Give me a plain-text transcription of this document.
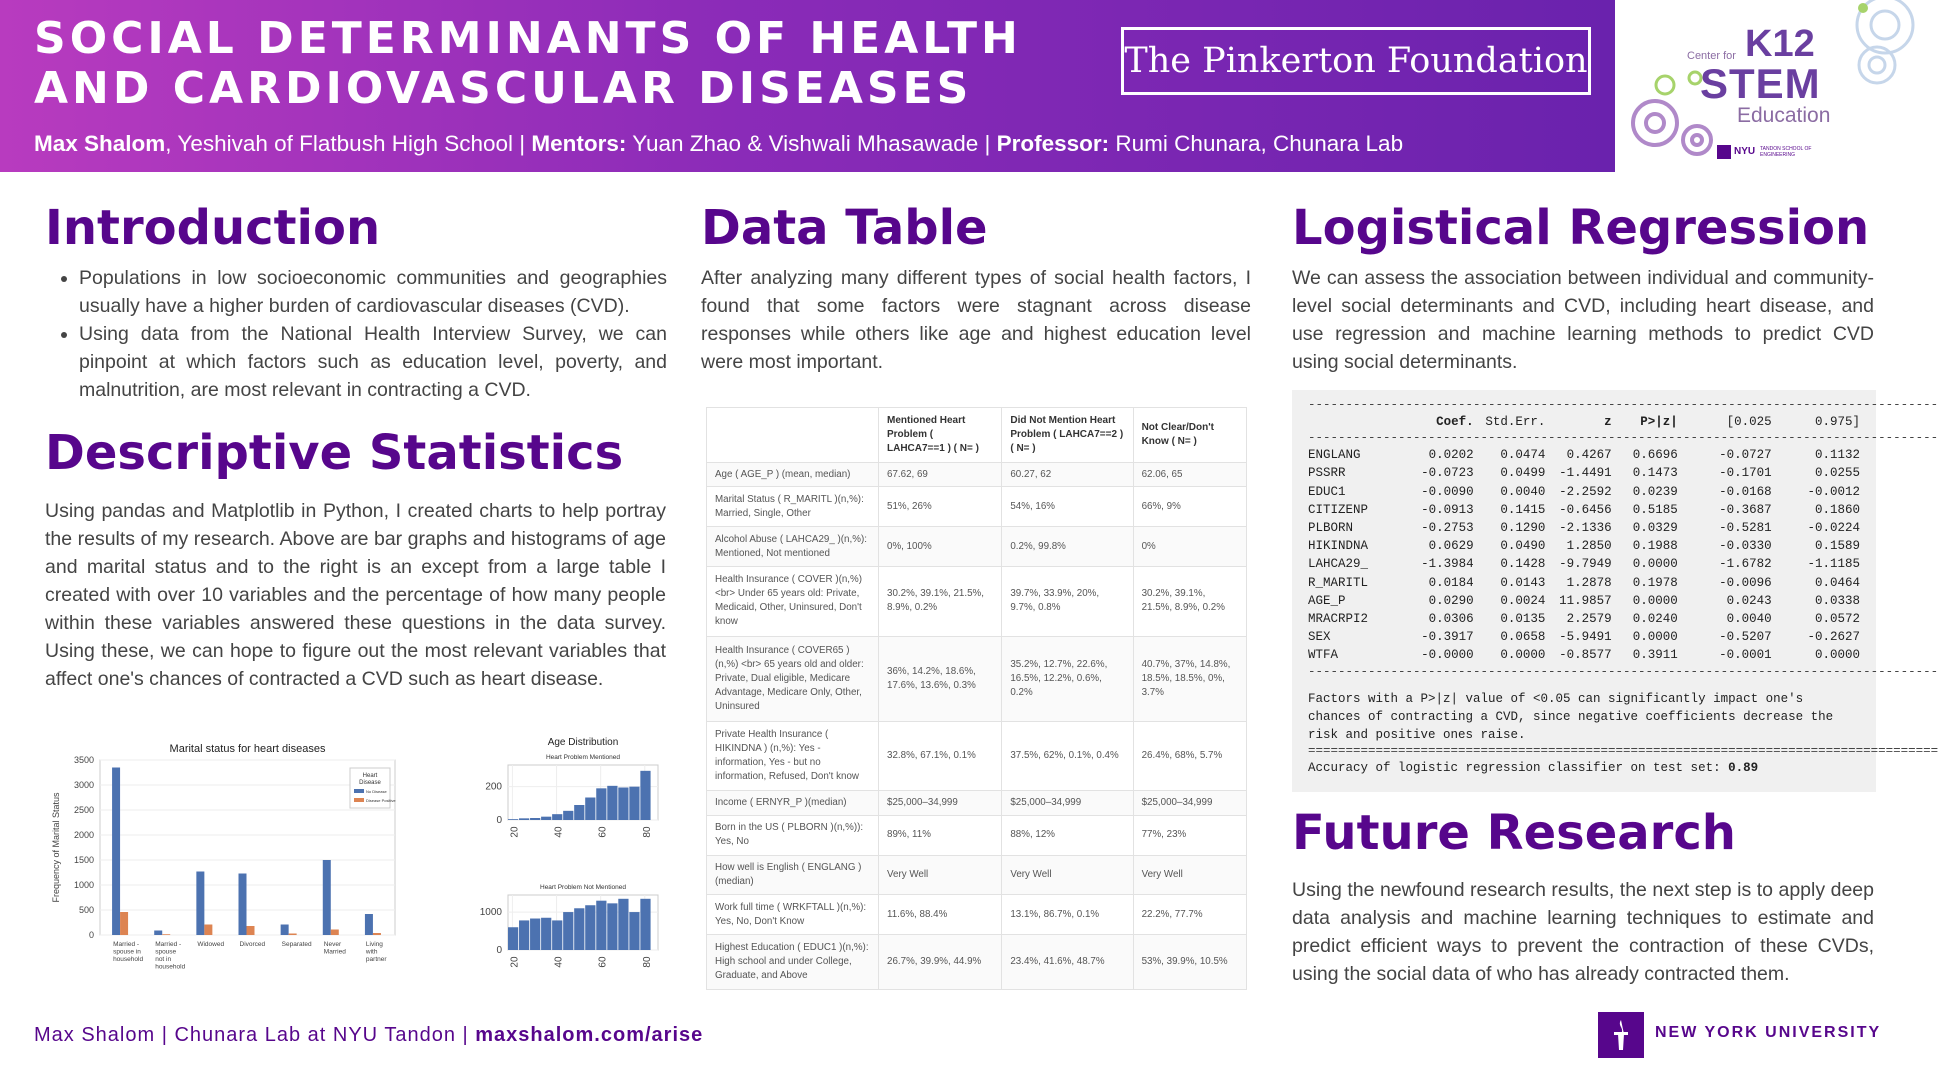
SOCIAL DETERMINANTS OF HEALTH AND CARDIOVASCULAR DISEASES
Max Shalom, Yeshivah of Flatbush High School | Mentors: Yuan Zhao & Vishwali Mhasawade | Professor: Rumi Chunara, Chunara Lab
The Pinkerton Foundation	Center for K12
STEM
Education
NYU TANDON SCHOOL OF ENGINEERING
Introduction
• Populations in low socioeconomic communities and geographies usually have a higher burden of cardiovascular diseases (CVD).
• Using data from the National Health Interview Survey, we can pinpoint at which factors such as education level, poverty, and malnutrition, are most relevant in contracting a CVD.
Descriptive Statistics
Using pandas and Matplotlib in Python, I created charts to help portray the results of my research. Above are bar graphs and histograms of age and marital status and to the right is an except from a large table I created with over 10 variables and the percentage of how many people within these variables answered these questions in the data survey. Using these, we can hope to figure out the most relevant variables that affect one's chances of contracted a CVD such as heart disease.
Marital status for heart diseases
0
500
1000
1500
2000
2500
3000
3500
Frequency of Marital Status
Married -spouse in household
Married -spouse not in household
Widowed Divorced	Separated Never Married
Living with partner
Heart
Disease
No Disease
Disease Positive
Age Distribution
Heart Problem Mentioned
0
200
20	40	60	80
Heart Problem Not Mentioned
0
1000
20	40	60	80
Data Table
After analyzing many different types of social health factors, I found that some factors were stagnant across disease responses while others like age and highest education level were most important.
	Mentioned Heart Problem ( LAHCA7==1 ) ( N= )	Did Not Mention Heart Problem ( LAHCA7==2 ) ( N= )	Not Clear/Don't Know ( N= )
Age ( AGE_P ) (mean, median)	67.62, 69	60.27, 62	62.06, 65
Marital Status ( R_MARITL )(n,%): Married, Single, Other	51%, 26%	54%, 16%	66%, 9%
Alcohol Abuse ( LAHCA29_ )(n,%): Mentioned, Not mentioned	0%, 100%	0.2%, 99.8%	0%
Health Insurance ( COVER )(n,%) <br> Under 65 years old: Private, Medicaid, Other, Uninsured, Don't know	30.2%, 39.1%, 21.5%, 8.9%, 0.2%	39.7%, 33.9%, 20%, 9.7%, 0.8%	30.2%, 39.1%, 21.5%, 8.9%, 0.2%
Health Insurance ( COVER65 )(n,%) <br> 65 years old and older: Private, Dual eligible, Medicare Advantage, Medicare Only, Other, Uninsured	36%, 14.2%, 18.6%, 17.6%, 13.6%, 0.3%	35.2%, 12.7%, 22.6%, 16.5%, 12.2%, 0.6%, 0.2%	40.7%, 37%, 14.8%, 18.5%, 18.5%, 0%, 3.7%
Private Health Insurance ( HIKINDNA ) (n,%): Yes - information, Yes - but no information, Refused, Don't know	32.8%, 67.1%, 0.1%	37.5%, 62%, 0.1%, 0.4%	26.4%, 68%, 5.7%
Income ( ERNYR_P )(median)	$25,000–34,999	$25,000–34,999	$25,000–34,999
Born in the US ( PLBORN )(n,%)): Yes, No	89%, 11%	88%, 12%	77%, 23%
How well is English ( ENGLANG )(median)	Very Well	Very Well	Very Well
Work full time ( WRKFTALL )(n,%): Yes, No, Don't Know	11.6%, 88.4%	13.1%, 86.7%, 0.1%	22.2%, 77.7%
Highest Education ( EDUC1 )(n,%): High school and under College, Graduate, and Above	26.7%, 39.9%, 44.9%	23.4%, 41.6%, 48.7%	53%, 39.9%, 10.5%
Logistical Regression
We can assess the association between individual and community-level social determinants and CVD, including heart disease, and use regression and machine learning methods to predict CVD using social determinants.
------------------------------------------------------------------------------------
	Coef.	Std.Err.	z	P>|z|	[0.025	0.975]
------------------------------------------------------------------------------------
ENGLANG	0.0202	0.0474	0.4267	0.6696	-0.0727	0.1132
PSSRR	-0.0723	0.0499	-1.4491	0.1473	-0.1701	0.0255
EDUC1	-0.0090	0.0040	-2.2592	0.0239	-0.0168	-0.0012
CITIZENP	-0.0913	0.1415	-0.6456	0.5185	-0.3687	0.1860
PLBORN	-0.2753	0.1290	-2.1336	0.0329	-0.5281	-0.0224
HIKINDNA	0.0629	0.0490	1.2850	0.1988	-0.0330	0.1589
LAHCA29_	-1.3984	0.1428	-9.7949	0.0000	-1.6782	-1.1185
R_MARITL	0.0184	0.0143	1.2878	0.1978	-0.0096	0.0464
AGE_P	0.0290	0.0024	11.9857	0.0000	0.0243	0.0338
MRACRPI2	0.0306	0.0135	2.2579	0.0240	0.0040	0.0572
SEX	-0.3917	0.0658	-5.9491	0.0000	-0.5207	-0.2627
WTFA	-0.0000	0.0000	-0.8577	0.3911	-0.0001	0.0000
------------------------------------------------------------------------------------
Factors with a P>|z| value of <0.05 can significantly impact one's chances of contracting a CVD, since negative coefficients decrease the risk and positive ones raise.
====================================================================================
Accuracy of logistic regression classifier on test set: 0.89
Future Research
Using the newfound research results, the next step is to apply deep data analysis and machine learning techniques to estimate and predict efficient ways to prevent the contraction of these CVDs, using the social data of who has already contracted them.
Max Shalom | Chunara Lab at NYU Tandon | maxshalom.com/arise	NEW YORK UNIVERSITY
